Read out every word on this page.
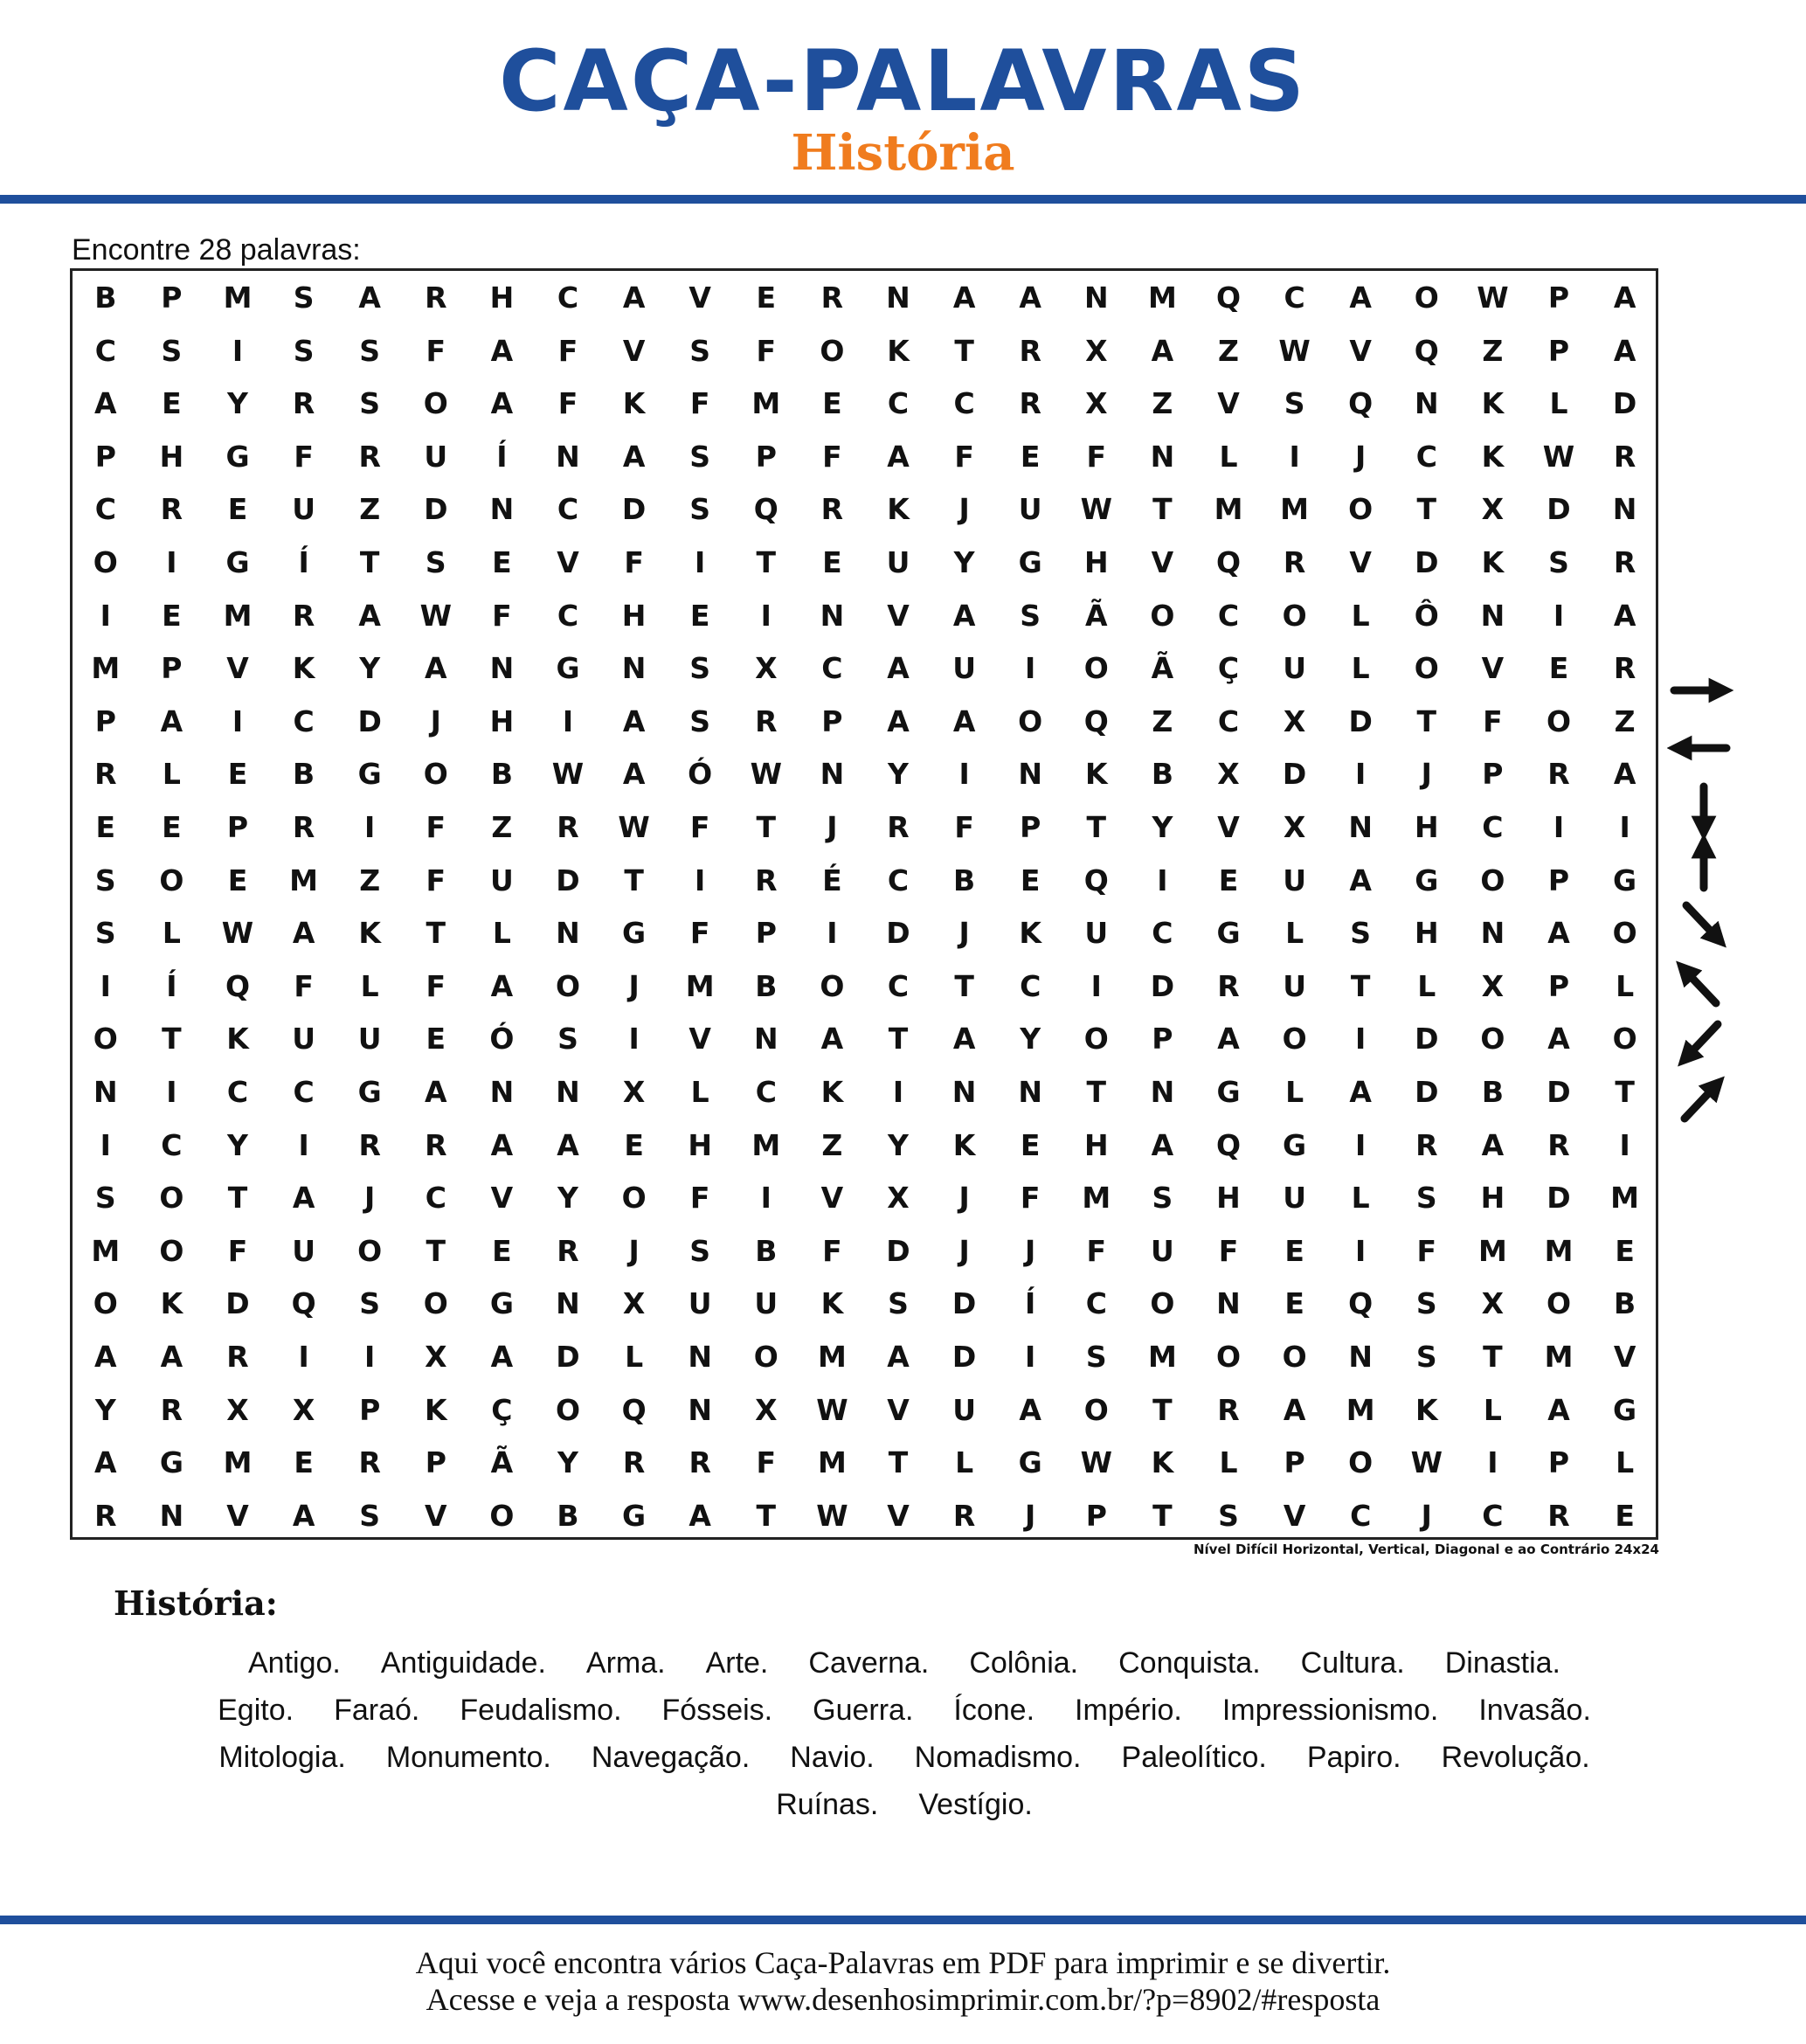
CAÇA-PALAVRAS
História
Encontre 28 palavras:
B	P	M	S	A	R	H	C	A	V	E	R	N	A	A	N	M	Q	C	A	O	W	P	A
C	S	I	S	S	F	A	F	V	S	F	O	K	T	R	X	A	Z	W	V	Q	Z	P	A
A	E	Y	R	S	O	A	F	K	F	M	E	C	C	R	X	Z	V	S	Q	N	K	L	D
P	H	G	F	R	U	Í	N	A	S	P	F	A	F	E	F	N	L	I	J	C	K	W	R
C	R	E	U	Z	D	N	C	D	S	Q	R	K	J	U	W	T	M	M	O	T	X	D	N
O	I	G	Í	T	S	E	V	F	I	T	E	U	Y	G	H	V	Q	R	V	D	K	S	R
I	E	M	R	A	W	F	C	H	E	I	N	V	A	S	Ã	O	C	O	L	Ô	N	I	A
M	P	V	K	Y	A	N	G	N	S	X	C	A	U	I	O	Ã	Ç	U	L	O	V	E	R
P	A	I	C	D	J	H	I	A	S	R	P	A	A	O	Q	Z	C	X	D	T	F	O	Z
R	L	E	B	G	O	B	W	A	Ó	W	N	Y	I	N	K	B	X	D	I	J	P	R	A
E	E	P	R	I	F	Z	R	W	F	T	J	R	F	P	T	Y	V	X	N	H	C	I	I
S	O	E	M	Z	F	U	D	T	I	R	É	C	B	E	Q	I	E	U	A	G	O	P	G
S	L	W	A	K	T	L	N	G	F	P	I	D	J	K	U	C	G	L	S	H	N	A	O
I	Í	Q	F	L	F	A	O	J	M	B	O	C	T	C	I	D	R	U	T	L	X	P	L
O	T	K	U	U	E	Ó	S	I	V	N	A	T	A	Y	O	P	A	O	I	D	O	A	O
N	I	C	C	G	A	N	N	X	L	C	K	I	N	N	T	N	G	L	A	D	B	D	T
I	C	Y	I	R	R	A	A	E	H	M	Z	Y	K	E	H	A	Q	G	I	R	A	R	I
S	O	T	A	J	C	V	Y	O	F	I	V	X	J	F	M	S	H	U	L	S	H	D	M
M	O	F	U	O	T	E	R	J	S	B	F	D	J	J	F	U	F	E	I	F	M	M	E
O	K	D	Q	S	O	G	N	X	U	U	K	S	D	Í	C	O	N	E	Q	S	X	O	B
A	A	R	I	I	X	A	D	L	N	O	M	A	D	I	S	M	O	O	N	S	T	M	V
Y	R	X	X	P	K	Ç	O	Q	N	X	W	V	U	A	O	T	R	A	M	K	L	A	G
A	G	M	E	R	P	Ã	Y	R	R	F	M	T	L	G	W	K	L	P	O	W	I	P	L
R	N	V	A	S	V	O	B	G	A	T	W	V	R	J	P	T	S	V	C	J	C	R	E
Nível Difícil Horizontal, Vertical, Diagonal e ao Contrário 24x24
História:
Antigo. Antiguidade. Arma. Arte. Caverna. Colônia. Conquista. Cultura. Dinastia.
Egito. Faraó. Feudalismo. Fósseis. Guerra. Ícone. Império. Impressionismo. Invasão.
Mitologia. Monumento. Navegação. Navio. Nomadismo. Paleolítico. Papiro. Revolução.
Ruínas. Vestígio.
Aqui você encontra vários Caça-Palavras em PDF para imprimir e se divertir.
Acesse e veja a resposta www.desenhosimprimir.com.br/?p=8902/#resposta
